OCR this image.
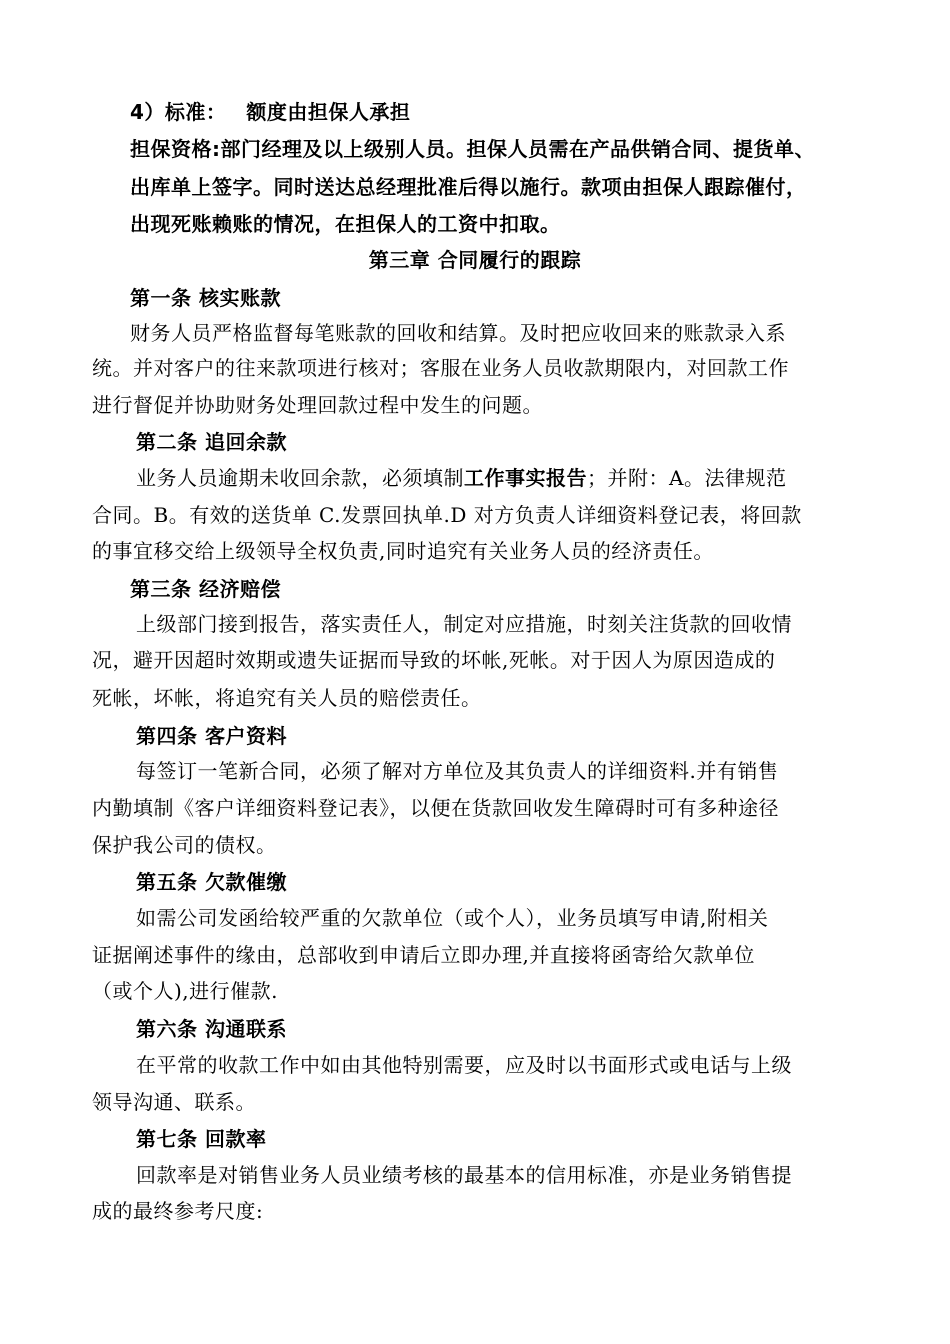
4）标准： 额度由担保人承担
担保资格:部门经理及以上级别人员。担保人员需在产品供销合同、提货单、
出库单上签字。同时送达总经理批准后得以施行。款项由担保人跟踪催付，
出现死账赖账的情况，在担保人的工资中扣取。
第三章 合同履行的跟踪
第一条 核实账款
财务人员严格监督每笔账款的回收和结算。及时把应收回来的账款录入系
统。并对客户的往来款项进行核对；客服在业务人员收款期限内，对回款工作
进行督促并协助财务处理回款过程中发生的问题。
第二条 追回余款
业务人员逾期未收回余款，必须填制工作事实报告；并附：A。法律规范
合同。B。有效的送货单 C.发票回执单.D 对方负责人详细资料登记表，将回款
的事宜移交给上级领导全权负责,同时追究有关业务人员的经济责任。
第三条 经济赔偿
上级部门接到报告，落实责任人，制定对应措施，时刻关注货款的回收情
况，避开因超时效期或遗失证据而导致的坏帐,死帐。对于因人为原因造成的
死帐，坏帐，将追究有关人员的赔偿责任。
第四条 客户资料
每签订一笔新合同，必须了解对方单位及其负责人的详细资料.并有销售
内勤填制《客户详细资料登记表》，以便在货款回收发生障碍时可有多种途径
保护我公司的债权。
第五条 欠款催缴
如需公司发函给较严重的欠款单位（或个人），业务员填写申请,附相关
证据阐述事件的缘由，总部收到申请后立即办理,并直接将函寄给欠款单位
（或个人),进行催款.
第六条 沟通联系
在平常的收款工作中如由其他特别需要，应及时以书面形式或电话与上级
领导沟通、联系。
第七条 回款率
回款率是对销售业务人员业绩考核的最基本的信用标准，亦是业务销售提
成的最终参考尺度:
